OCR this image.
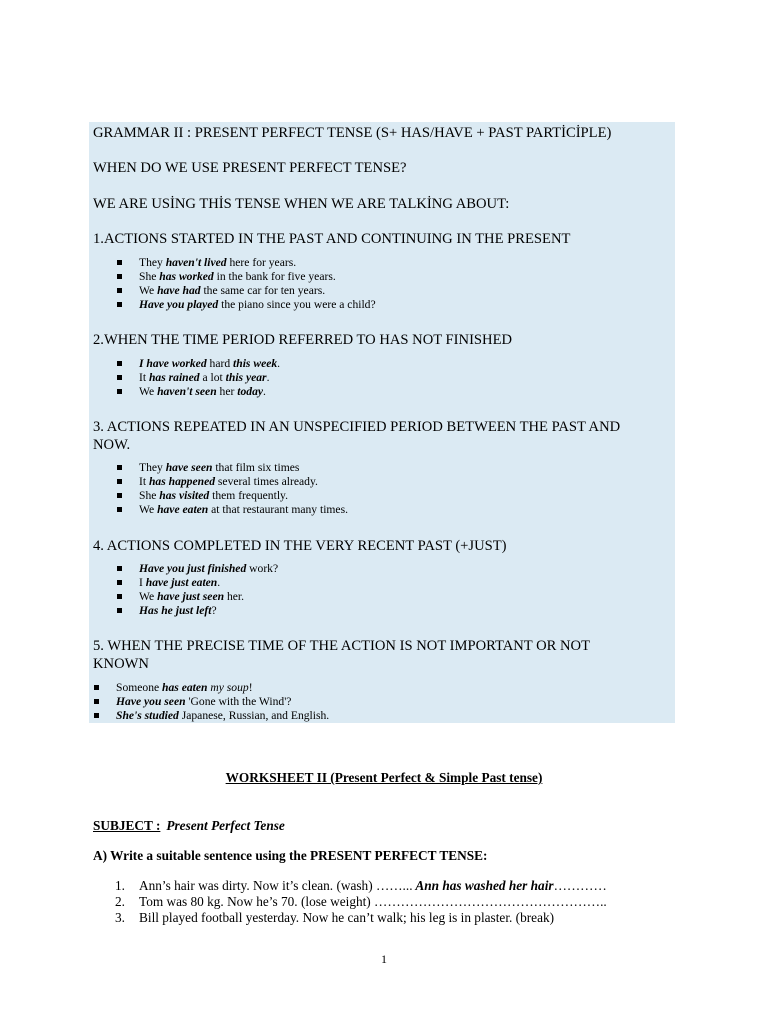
GRAMMAR II : PRESENT PERFECT TENSE (S+ HAS/HAVE + PAST PARTİCİPLE)
WHEN DO WE USE PRESENT PERFECT TENSE?
WE ARE USİNG THİS TENSE WHEN WE ARE TALKİNG ABOUT:
1.ACTIONS STARTED IN THE PAST AND CONTINUING IN THE PRESENT
They haven't lived here for years.
She has worked in the bank for five years.
We have had the same car for ten years.
Have you played the piano since you were a child?
2.WHEN THE TIME PERIOD REFERRED TO HAS NOT FINISHED
I have worked hard this week.
It has rained a lot this year.
We haven't seen her today.
3. ACTIONS REPEATED IN AN UNSPECIFIED PERIOD BETWEEN THE PAST AND
NOW.
They have seen that film six times
It has happened several times already.
She has visited them frequently.
We have eaten at that restaurant many times.
4. ACTIONS COMPLETED IN THE VERY RECENT PAST (+JUST)
Have you just finished work?
I have just eaten.
We have just seen her.
Has he just left?
5. WHEN THE PRECISE TIME OF THE ACTION IS NOT IMPORTANT OR NOT
KNOWN
Someone has eaten my soup!
Have you seen 'Gone with the Wind'?
She's studied Japanese, Russian, and English.
WORKSHEET II (Present Perfect & Simple Past tense)
SUBJECT : Present Perfect Tense
A) Write a suitable sentence using the PRESENT PERFECT TENSE:
1. Ann’s hair was dirty. Now it’s clean. (wash) ……... Ann has washed her hair…………
2. Tom was 80 kg. Now he’s 70. (lose weight) ……………………………………………..
3. Bill played football yesterday. Now he can’t walk; his leg is in plaster. (break)
1
